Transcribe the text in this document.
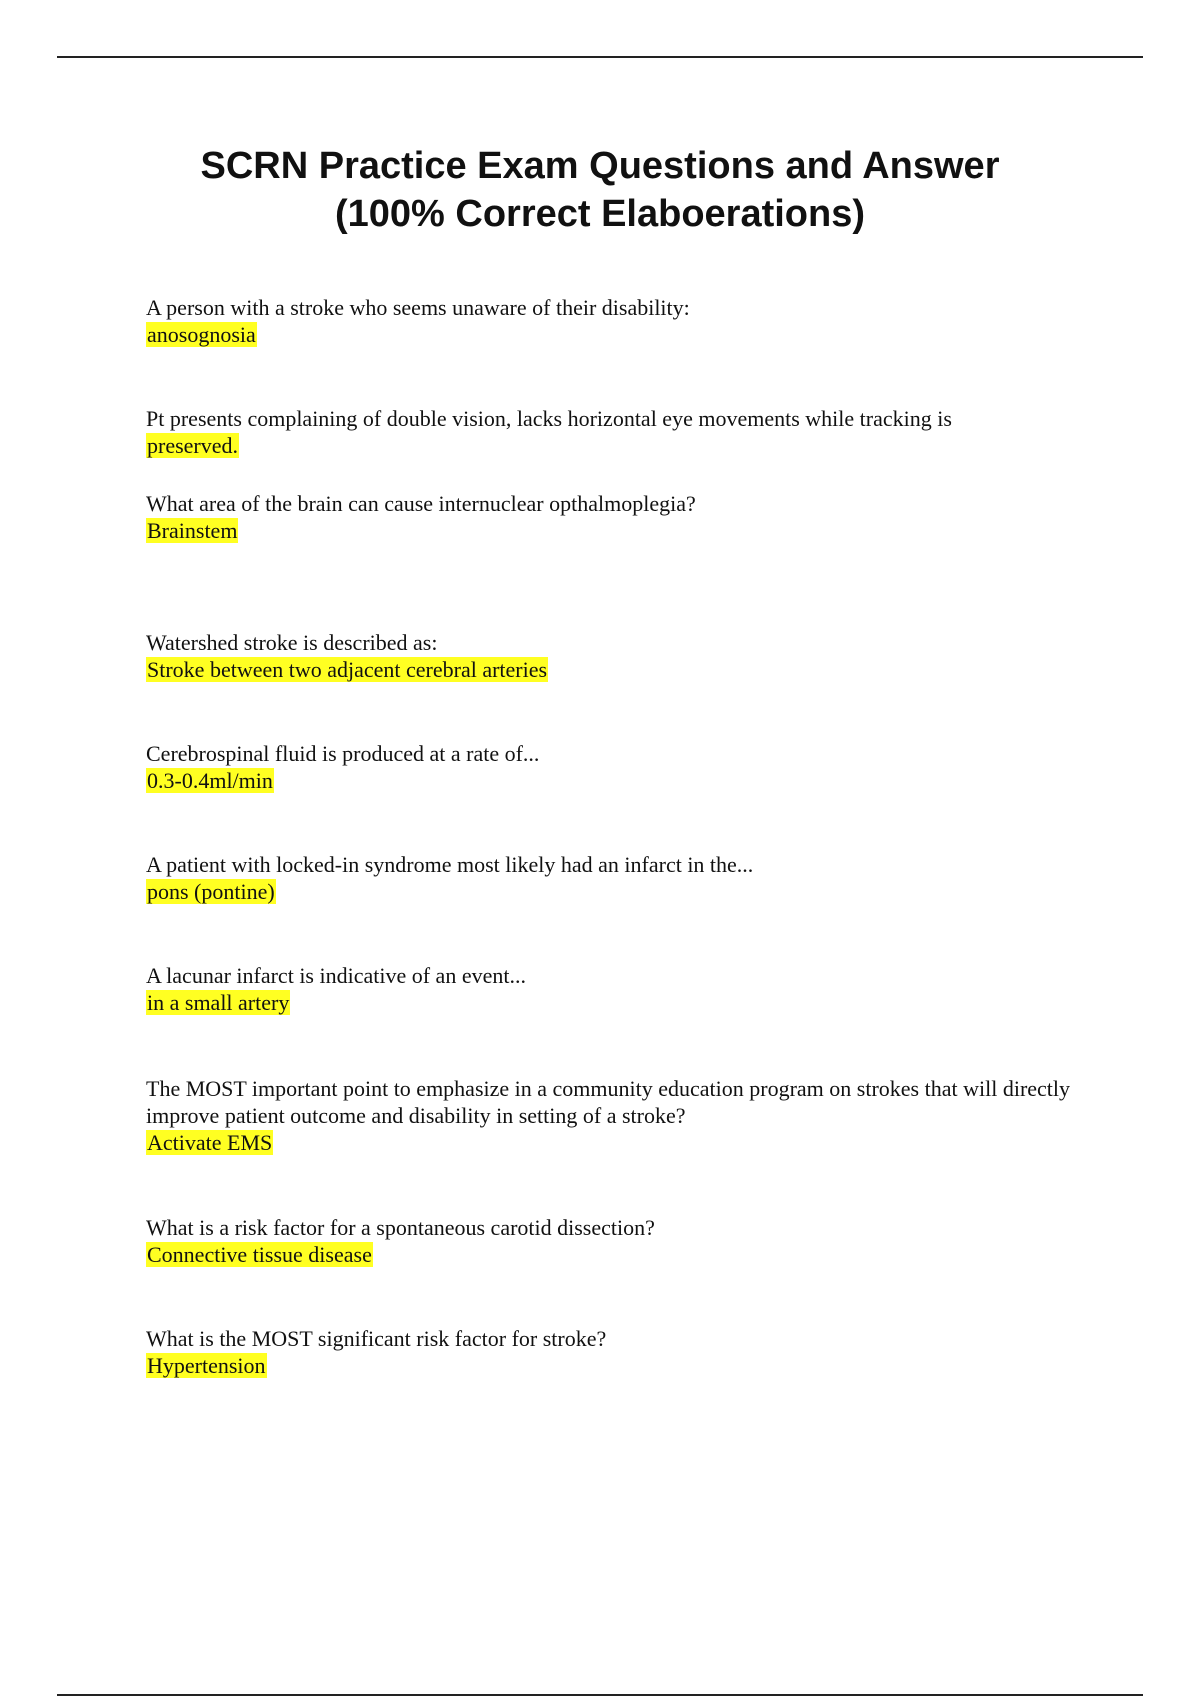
SCRN Practice Exam Questions and Answer
(100% Correct Elaboerations)
A person with a stroke who seems unaware of their disability:
anosognosia
Pt presents complaining of double vision, lacks horizontal eye movements while tracking is
preserved.
What area of the brain can cause internuclear opthalmoplegia?
Brainstem
Watershed stroke is described as:
Stroke between two adjacent cerebral arteries
Cerebrospinal fluid is produced at a rate of...
0.3-0.4ml/min
A patient with locked-in syndrome most likely had an infarct in the...
pons (pontine)
A lacunar infarct is indicative of an event...
in a small artery
The MOST important point to emphasize in a community education program on strokes that will directly improve patient outcome and disability in setting of a stroke?
Activate EMS
What is a risk factor for a spontaneous carotid dissection?
Connective tissue disease
What is the MOST significant risk factor for stroke?
Hypertension
